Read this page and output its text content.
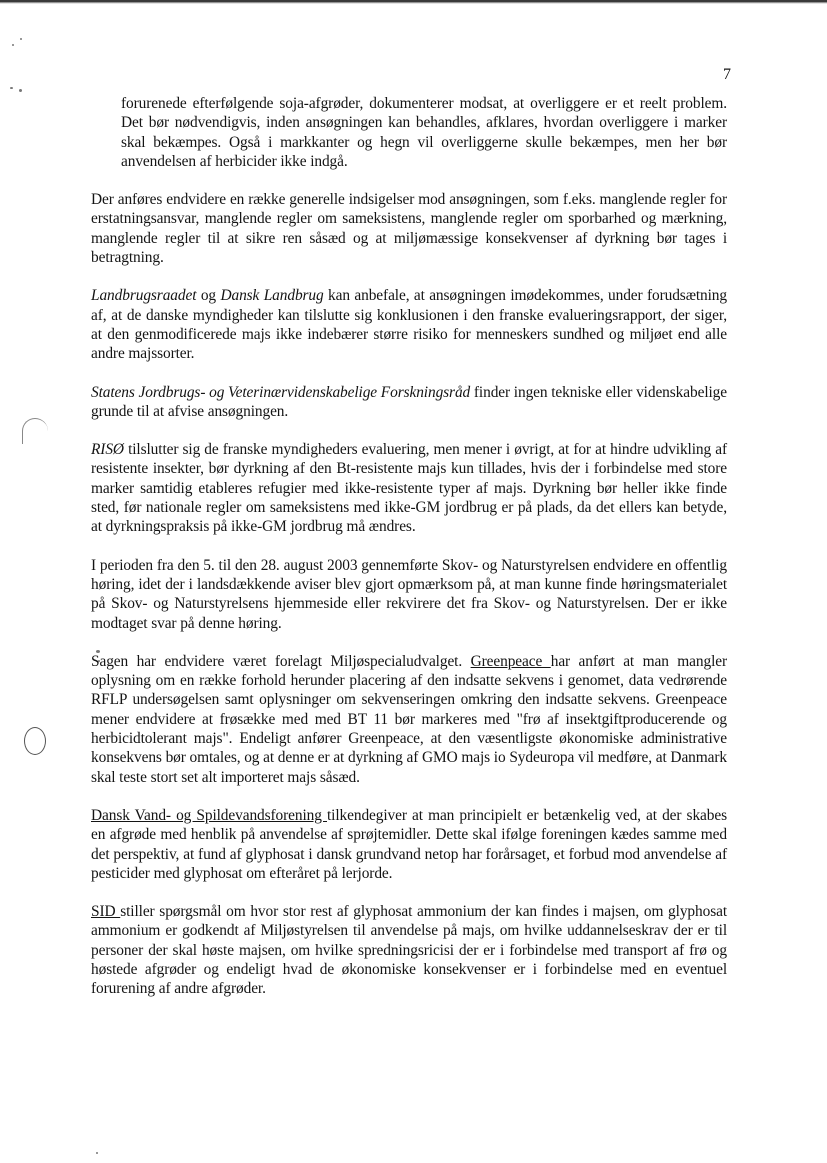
7

forurenede efterfølgende soja-afgrøder, dokumenterer modsat, at overliggere er et reelt problem. Det bør nødvendigvis, inden ansøgningen kan behandles, afklares, hvordan overliggere i marker skal bekæmpes. Også i markkanter og hegn vil overliggerne skulle bekæmpes, men her bør anvendelsen af herbicider ikke indgå.

Der anføres endvidere en række generelle indsigelser mod ansøgningen, som f.eks. manglende regler for erstatningsansvar, manglende regler om sameksistens, manglende regler om sporbarhed og mærkning, manglende regler til at sikre ren såsæd og at miljømæssige konsekvenser af dyrkning bør tages i betragtning.

Landbrugsraadet og Dansk Landbrug kan anbefale, at ansøgningen imødekommes, under forudsætning af, at de danske myndigheder kan tilslutte sig konklusionen i den franske evalueringsrapport, der siger, at den genmodificerede majs ikke indebærer større risiko for menneskers sundhed og miljøet end alle andre majssorter.

Statens Jordbrugs- og Veterinærvidenskabelige Forskningsråd finder ingen tekniske eller videnskabelige grunde til at afvise ansøgningen.

RISØ tilslutter sig de franske myndigheders evaluering, men mener i øvrigt, at for at hindre udvikling af resistente insekter, bør dyrkning af den Bt-resistente majs kun tillades, hvis der i forbindelse med store marker samtidig etableres refugier med ikke-resistente typer af majs. Dyrkning bør heller ikke finde sted, før nationale regler om sameksistens med ikke-GM jordbrug er på plads, da det ellers kan betyde, at dyrkningspraksis på ikke-GM jordbrug må ændres.

I perioden fra den 5. til den 28. august 2003 gennemførte Skov- og Naturstyrelsen endvidere en offentlig høring, idet der i landsdækkende aviser blev gjort opmærksom på, at man kunne finde høringsmaterialet på Skov- og Naturstyrelsens hjemmeside eller rekvirere det fra Skov- og Naturstyrelsen. Der er ikke modtaget svar på denne høring.

Sagen har endvidere været forelagt Miljøspecialudvalget. Greenpeace har anført at man mangler oplysning om en række forhold herunder placering af den indsatte sekvens i genomet, data vedrørende RFLP undersøgelsen samt oplysninger om sekvenseringen omkring den indsatte sekvens. Greenpeace mener endvidere at frøsække med med BT 11 bør markeres med "frø af insektgiftproducerende og herbicidtolerant majs". Endeligt anfører Greenpeace, at den væsentligste økonomiske administrative konsekvens bør omtales, og at denne er at dyrkning af GMO majs io Sydeuropa vil medføre, at Danmark skal teste stort set alt importeret majs såsæd.

Dansk Vand- og Spildevandsforening tilkendegiver at man principielt er betænkelig ved, at der skabes en afgrøde med henblik på anvendelse af sprøjtemidler. Dette skal ifølge foreningen kædes samme med det perspektiv, at fund af glyphosat i dansk grundvand netop har forårsaget, et forbud mod anvendelse af pesticider med glyphosat om efteråret på lerjorde.

SID stiller spørgsmål om hvor stor rest af glyphosat ammonium der kan findes i majsen, om glyphosat ammonium er godkendt af Miljøstyrelsen til anvendelse på majs, om hvilke uddannelseskrav der er til personer der skal høste majsen, om hvilke spredningsricisi der er i forbindelse med transport af frø og høstede afgrøder og endeligt hvad de økonomiske konsekvenser er i forbindelse med en eventuel forurening af andre afgrøder.
